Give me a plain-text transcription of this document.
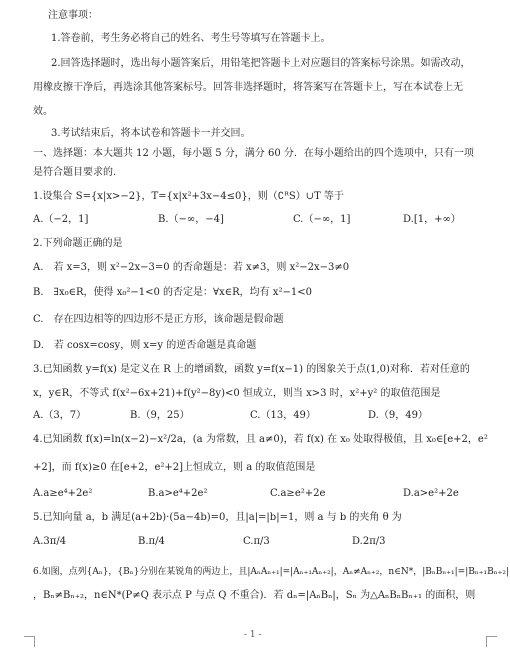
注意事项：
1.答卷前，考生务必将自己的姓名、考生号等填写在答题卡上。
2.回答选择题时，选出每小题答案后，用铅笔把答题卡上对应题目的答案标号涂黑。如需改动，
用橡皮擦干净后，再选涂其他答案标号。回答非选择题时，将答案写在答题卡上，写在本试卷上无
效。
3.考试结束后，将本试卷和答题卡一并交回。
一、选择题：本大题共 12 小题，每小题 5 分，满分 60 分．在每小题给出的四个选项中，只有一项
是符合题目要求的.
1.设集合 S={x|x>−2}，T={x|x²+3x−4≤0}，则（∁ᴿS）∪T 等于
A.（−2，1]	B.（−∞，−4]	C.（−∞，1]	D.[1，+∞）
2.下列命题正确的是
A.　若 x=3，则 x²−2x−3=0 的否命题是：若 x≠3，则 x²−2x−3≠0
B.　∃x₀∈R，使得 x₀²−1<0 的否定是：∀x∈R，均有 x²−1<0
C.　存在四边相等的四边形不是正方形，该命题是假命题
D.　若 cosx=cosy，则 x=y 的逆否命题是真命题
3.已知函数 y=f(x) 是定义在 R 上的增函数，函数 y=f(x−1) 的图象关于点(1,0)对称．若对任意的
x，y∈R，不等式 f(x²−6x+21)+f(y²−8y)<0 恒成立，则当 x>3 时，x²+y² 的取值范围是
A.（3，7）	B.（9，25）	C.（13，49）	D.（9，49）
4.已知函数 f(x)=ln(x−2)−x²/2a，(a 为常数，且 a≠0)，若 f(x) 在 x₀ 处取得极值，且 x₀∈[e+2，e²
+2]，而 f(x)≥0 在[e+2，e²+2]上恒成立，则 a 的取值范围是
A.a≥e⁴+2e²	B.a>e⁴+2e²	C.a≥e²+2e	D.a>e²+2e
5.已知向量 a，b 满足(a+2b)·(5a−4b)=0，且|a|=|b|=1，则 a 与 b 的夹角 θ 为
A.3π/4	B.π/4	C.π/3	D.2π/3
6.如图，点列{Aₙ}，{Bₙ}分别在某锐角的两边上，且|AₙAₙ₊₁|=|Aₙ₊₁Aₙ₊₂|，Aₙ≠Aₙ₊₂，n∈N*，|BₙBₙ₊₁|=|Bₙ₊₁Bₙ₊₂|
，Bₙ≠Bₙ₊₂，n∈N*(P≠Q 表示点 P 与点 Q 不重合)．若 dₙ=|AₙBₙ|，Sₙ 为△AₙBₙBₙ₊₁ 的面积，则
- 1 -
